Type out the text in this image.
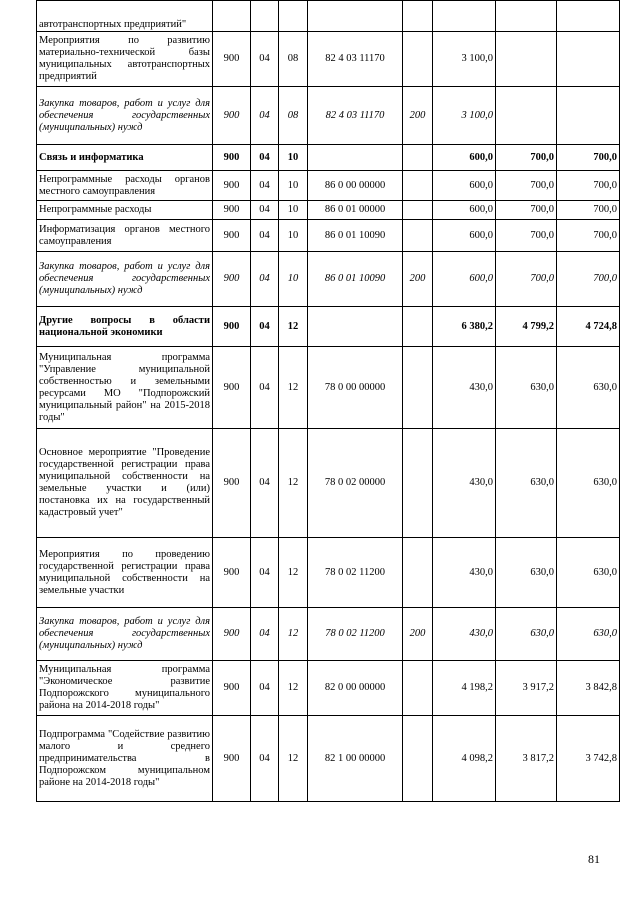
автотранспортных предприятий"								
Мероприятия по развитию материально-технической базы муниципальных автотранспортных предприятий	900	04	08	82 4 03 11170		3 100,0		
Закупка товаров, работ и услуг для обеспечения государственных (муниципальных) нужд	900	04	08	82 4 03 11170	200	3 100,0		
Связь и информатика	900	04	10			600,0	700,0	700,0
Непрограммные расходы органов местного самоуправления	900	04	10	86 0 00 00000		600,0	700,0	700,0
Непрограммные расходы	900	04	10	86 0 01 00000		600,0	700,0	700,0
Информатизация органов местного самоуправления	900	04	10	86 0 01 10090		600,0	700,0	700,0
Закупка товаров, работ и услуг для обеспечения государственных (муниципальных) нужд	900	04	10	86 0 01 10090	200	600,0	700,0	700,0
Другие вопросы в области национальной экономики	900	04	12			6 380,2	4 799,2	4 724,8
Муниципальная программа "Управление муниципальной собственностью и земельными ресурсами МО "Подпорожский муниципальный район" на 2015-2018 годы"	900	04	12	78 0 00 00000		430,0	630,0	630,0
Основное мероприятие "Проведение государственной регистрации права муниципальной собственности на земельные участки и (или) постановка их на государственный кадастровый учет"	900	04	12	78 0 02 00000		430,0	630,0	630,0
Мероприятия по проведению государственной регистрации права муниципальной собственности на земельные участки	900	04	12	78 0 02 11200		430,0	630,0	630,0
Закупка товаров, работ и услуг для обеспечения государственных (муниципальных) нужд	900	04	12	78 0 02 11200	200	430,0	630,0	630,0
Муниципальная программа "Экономическое развитие Подпорожского муниципального района на 2014-2018 годы"	900	04	12	82 0 00 00000		4 198,2	3 917,2	3 842,8
Подпрограмма "Содействие развитию малого и среднего предпринимательства в Подпорожском муниципальном районе на 2014-2018 годы"	900	04	12	82 1 00 00000		4 098,2	3 817,2	3 742,8
81
